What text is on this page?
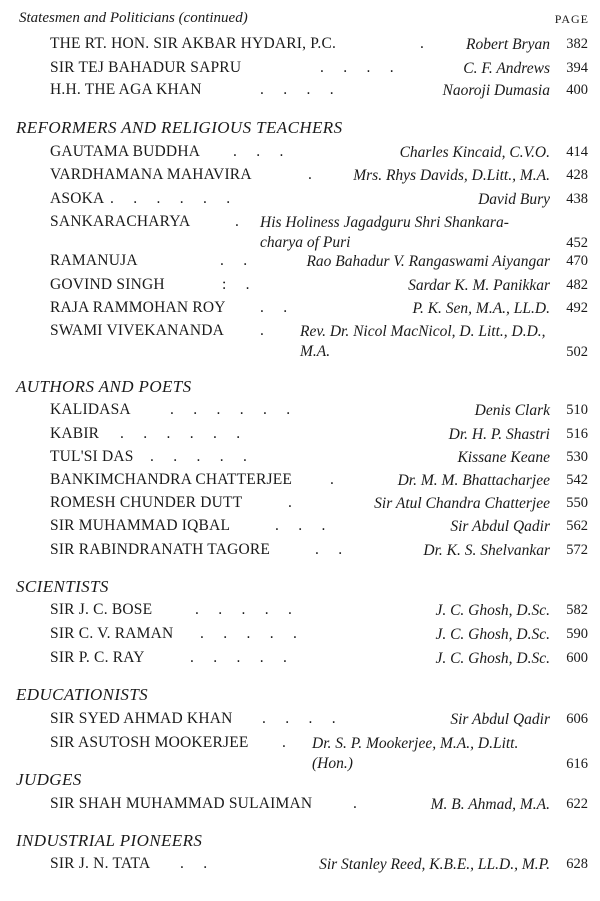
Statesmen and Politicians (continued)	PAGE
THE RT. HON. SIR AKBAR HYDARI, P.C.	.	Robert Bryan	382
SIR TEJ BAHADUR SAPRU	.     .     .     .	C. F. Andrews	394
H.H. THE AGA KHAN	.     .     .     .	Naoroji Dumasia	400
REFORMERS AND RELIGIOUS TEACHERS
GAUTAMA BUDDHA .     .     .	Charles Kincaid, C.V.O.	414
VARDHAMANA MAHAVIRA	.	Mrs. Rhys Davids, D.Litt., M.A.	428
ASOKA .     .     .     .     .     .	David Bury	438
SANKARACHARYA	. His Holiness Jagadguru Shri Shankara-charya of Puri	452
RAMANUJA	.     .	Rao Bahadur V. Rangaswami Aiyangar	470
GOVIND SINGH	:     .	Sardar K. M. Panikkar	482
RAJA RAMMOHAN ROY .     .	P. K. Sen, M.A., LL.D.	492
SWAMI VIVEKANANDA . Rev. Dr. Nicol MacNicol, D. Litt., D.D., M.A.	502
AUTHORS AND POETS
KALIDASA	.     .     .     .     .     .	Denis Clark	510
KABIR .     .     .     .     .     .	Dr. H. P. Shastri	516
TUL'SI DAS .     .     .     .     .	Kissane Keane	530
BANKIMCHANDRA CHATTERJEE .	Dr. M. M. Bhattacharjee	542
ROMESH CHUNDER DUTT	.	Sir Atul Chandra Chatterjee	550
SIR MUHAMMAD IQBAL	.     .     .	Sir Abdul Qadir	562
SIR RABINDRANATH TAGORE	.     .	Dr. K. S. Shelvankar	572
SCIENTISTS
SIR J. C. BOSE	.     .     .     .     .	J. C. Ghosh, D.Sc.	582
SIR C. V. RAMAN .     .     .     .     .	J. C. Ghosh, D.Sc.	590
SIR P. C. RAY	.     .     .     .     .	J. C. Ghosh, D.Sc.	600
EDUCATIONISTS
SIR SYED AHMAD KHAN .     .     .     .	Sir Abdul Qadir	606
SIR ASUTOSH MOOKERJEE . Dr. S. P. Mookerjee, M.A., D.Litt.(Hon.)	616
JUDGES
SIR SHAH MUHAMMAD SULAIMAN	.	M. B. Ahmad, M.A.	622
INDUSTRIAL PIONEERS
SIR J. N. TATA .     .	Sir Stanley Reed, K.B.E., LL.D., M.P.	628
